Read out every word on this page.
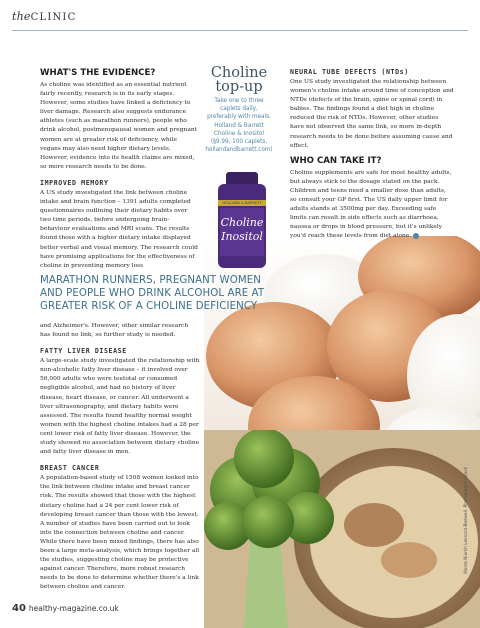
theCLINIC
WHAT'S THE EVIDENCE?
As choline was identified as an essential nutrient fairly recently, research is in its early stages. However, some studies have linked a deficiency to liver damage. Research also suggests endurance athletes (such as marathon runners), people who drink alcohol, postmenopausal women and pregnant women are at greater risk of deficiency, while vegans may also need higher dietary levels. However, evidence into its health claims are mixed, so more research needs to be done.
IMPROVED MEMORY
A US study investigated the link between choline intake and brain function – 1391 adults completed questionnaires outlining their dietary habits over two time periods, before undergoing brain-behaviour evaluations and MRI scans. The results found those with a higher dietary intake displayed better verbal and visual memory. The research could have promising applications for the effectiveness of choline in preventing memory loss
Choline
top-up
Take one to three caplets daily, preferably with meals. Holland & Barrett Choline & Inositol (§9.99, 100 caplets, hollandandbarrett.com)
HOLLAND & BARRETT
Choline
Inositol
NEURAL TUBE DEFECTS (NTDs)
One US study investigated the relationship between women's choline intake around time of conception and NTDs (defects of the brain, spine or spinal cord) in babies. The findings found a diet high in choline reduced the risk of NTDs. However, other studies have not observed the same link, so more in-depth research needs to be done before assuming cause and effect.
WHO CAN TAKE IT?
Choline supplements are safe for most healthy adults, but always stick to the dosage stated on the pack. Children and teens need a smaller dose than adults, so consult your GP first. The US daily upper limit for adults stands at 3500mg per day. Exceeding safe limits can result in side effects such as diarrhoea, nausea or drops in blood pressure, but it's unlikely you'd reach these levels from diet alone.
MARATHON RUNNERS, PREGNANT WOMEN
AND PEOPLE WHO DRINK ALCOHOL ARE AT
GREATER RISK OF A CHOLINE DEFICIENCY
and Alzheimer's. However, other similar research has found no link, so further study is needed.
FATTY LIVER DISEASE
A large-scale study investigated the relationship with non-alcoholic fatty liver disease – it involved over 56,000 adults who were teetotal or consumed negligible alcohol, and had no history of liver disease, heart disease, or cancer. All underwent a liver ultrasonography, and dietary habits were assessed. The results found healthy normal weight women with the highest choline intakes had a 28 per cent lower risk of fatty liver disease. However, the study showed no association between dietary choline and fatty liver disease in men.
BREAST CANCER
A population-based study of 1508 women looked into the link between choline intake and breast cancer risk. The results showed that those with the highest dietary choline had a 24 per cent lower risk of developing breast cancer than those with the lowest. A number of studies have been carried out to look into the connection between choline and cancer. While there have been mixed findings, there has also been a large meta-analysis, which brings together all the studies, suggesting choline may be protective against cancer. Therefore, more robust research needs to be done to determine whether there's a link between choline and cancer.
Words Niamh Leonard-Bedwell. Photographs iStock
40 healthy-magazine.co.uk
